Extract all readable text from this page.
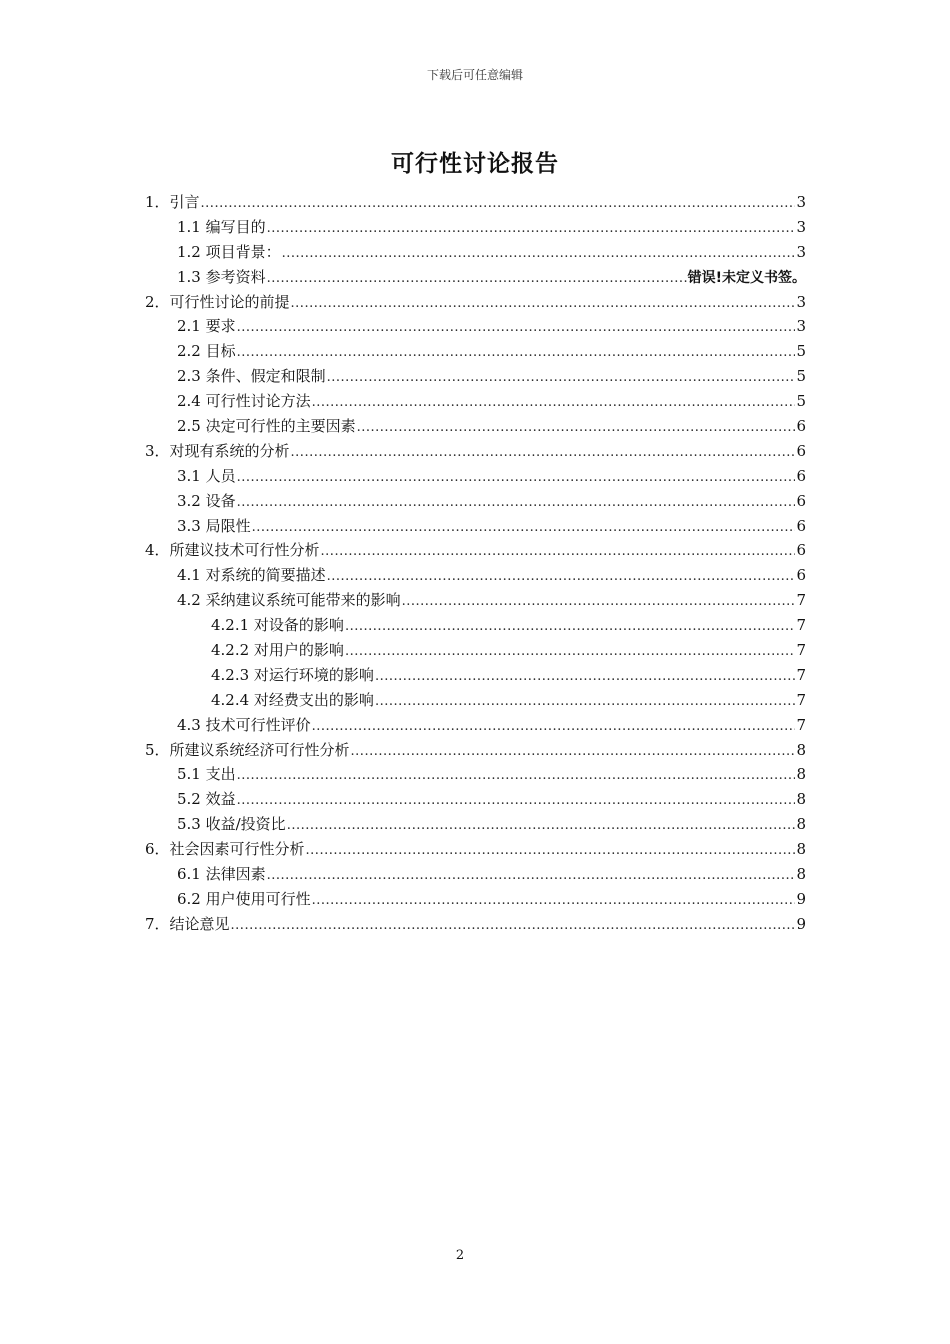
下载后可任意编辑
可行性讨论报告
1．引言 .....	3
1.1 编写目的 .....	3
1.2 项目背景： .....	3
1.3 参考资料 .....	错误!未定义书签。
2．可行性讨论的前提 .....	3
2.1 要求 .....	3
2.2 目标 .....	5
2.3 条件、假定和限制 .....	5
2.4 可行性讨论方法 .....	5
2.5 决定可行性的主要因素 .....	6
3．对现有系统的分析 .....	6
3.1 人员 .....	6
3.2 设备 .....	6
3.3 局限性 .....	6
4．所建议技术可行性分析 .....	6
4.1 对系统的简要描述 .....	6
4.2 采纳建议系统可能带来的影响 .....	7
4.2.1 对设备的影响 .....	7
4.2.2 对用户的影响 .....	7
4.2.3 对运行环境的影响 .....	7
4.2.4 对经费支出的影响 .....	7
4.3 技术可行性评价 .....	7
5．所建议系统经济可行性分析 .....	8
5.1 支出 .....	8
5.2 效益 .....	8
5.3 收益/投资比 .....	8
6．社会因素可行性分析 .....	8
6.1 法律因素 .....	8
6.2 用户使用可行性 .....	9
7．结论意见 .....	9
2
